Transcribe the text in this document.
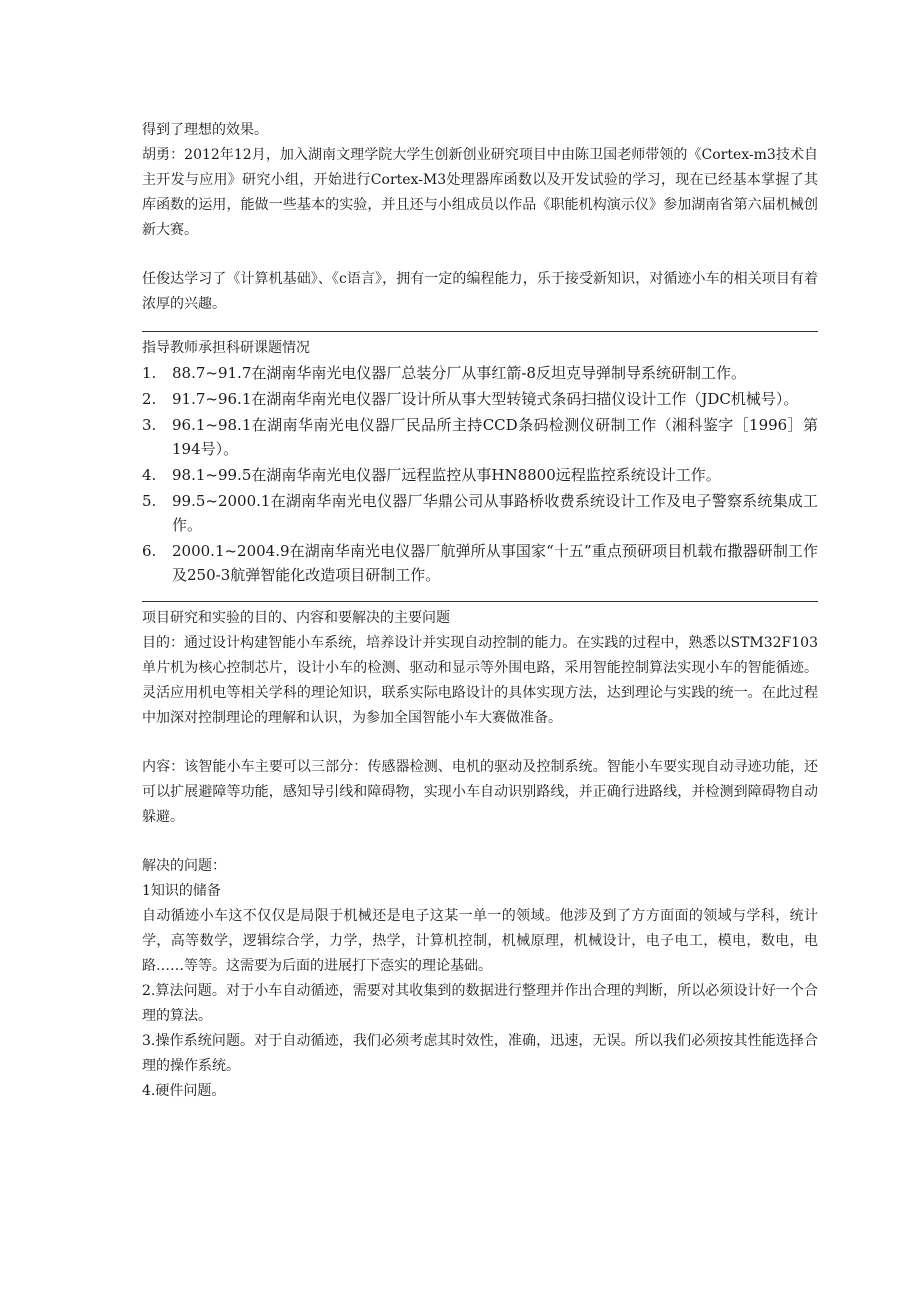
得到了理想的效果。

胡勇：2012年12月，加入湖南文理学院大学生创新创业研究项目中由陈卫国老师带领的《Cortex-m3技术自主开发与应用》研究小组，开始进行Cortex-M3处理器库函数以及开发试验的学习，现在已经基本掌握了其库函数的运用，能做一些基本的实验，并且还与小组成员以作品《职能机构演示仪》参加湖南省第六届机械创新大赛。

任俊达学习了《计算机基础》、《c语言》，拥有一定的编程能力，乐于接受新知识，对循迹小车的相关项目有着浓厚的兴趣。

指导教师承担科研课题情况
1. 88.7~91.7在湖南华南光电仪器厂总装分厂从事红箭-8反坦克导弹制导系统研制工作。
2. 91.7~96.1在湖南华南光电仪器厂设计所从事大型转镜式条码扫描仪设计工作（JDC机械号）。
3. 96.1~98.1在湖南华南光电仪器厂民品所主持CCD条码检测仪研制工作（湘科鉴字［1996］第194号）。
4. 98.1~99.5在湖南华南光电仪器厂远程监控从事HN8800远程监控系统设计工作。
5. 99.5~2000.1在湖南华南光电仪器厂华鼎公司从事路桥收费系统设计工作及电子警察系统集成工作。
6. 2000.1~2004.9在湖南华南光电仪器厂航弹所从事国家“十五”重点预研项目机载布撒器研制工作及250-3航弹智能化改造项目研制工作。
项目研究和实验的目的、内容和要解决的主要问题

目的：通过设计构建智能小车系统，培养设计并实现自动控制的能力。在实践的过程中，熟悉以STM32F103单片机为核心控制芯片，设计小车的检测、驱动和显示等外围电路，采用智能控制算法实现小车的智能循迹。灵活应用机电等相关学科的理论知识，联系实际电路设计的具体实现方法，达到理论与实践的统一。在此过程中加深对控制理论的理解和认识，为参加全国智能小车大赛做准备。

内容：该智能小车主要可以三部分：传感器检测、电机的驱动及控制系统。智能小车要实现自动寻迹功能，还可以扩展避障等功能，感知导引线和障碍物，实现小车自动识别路线，并正确行进路线，并检测到障碍物自动躲避。

解决的问题：

1知识的储备

自动循迹小车这不仅仅是局限于机械还是电子这某一单一的领域。他涉及到了方方面面的领域与学科，统计学，高等数学，逻辑综合学，力学，热学，计算机控制，机械原理，机械设计，电子电工，模电，数电，电路……等等。这需要为后面的进展打下悫实的理论基础。

2.算法问题。对于小车自动循迹，需要对其收集到的数据进行整理并作出合理的判断，所以必须设计好一个合理的算法。

3.操作系统问题。对于自动循迹，我们必须考虑其时效性，准确，迅速，无误。所以我们必须按其性能选择合理的操作系统。

4.硬件问题。
